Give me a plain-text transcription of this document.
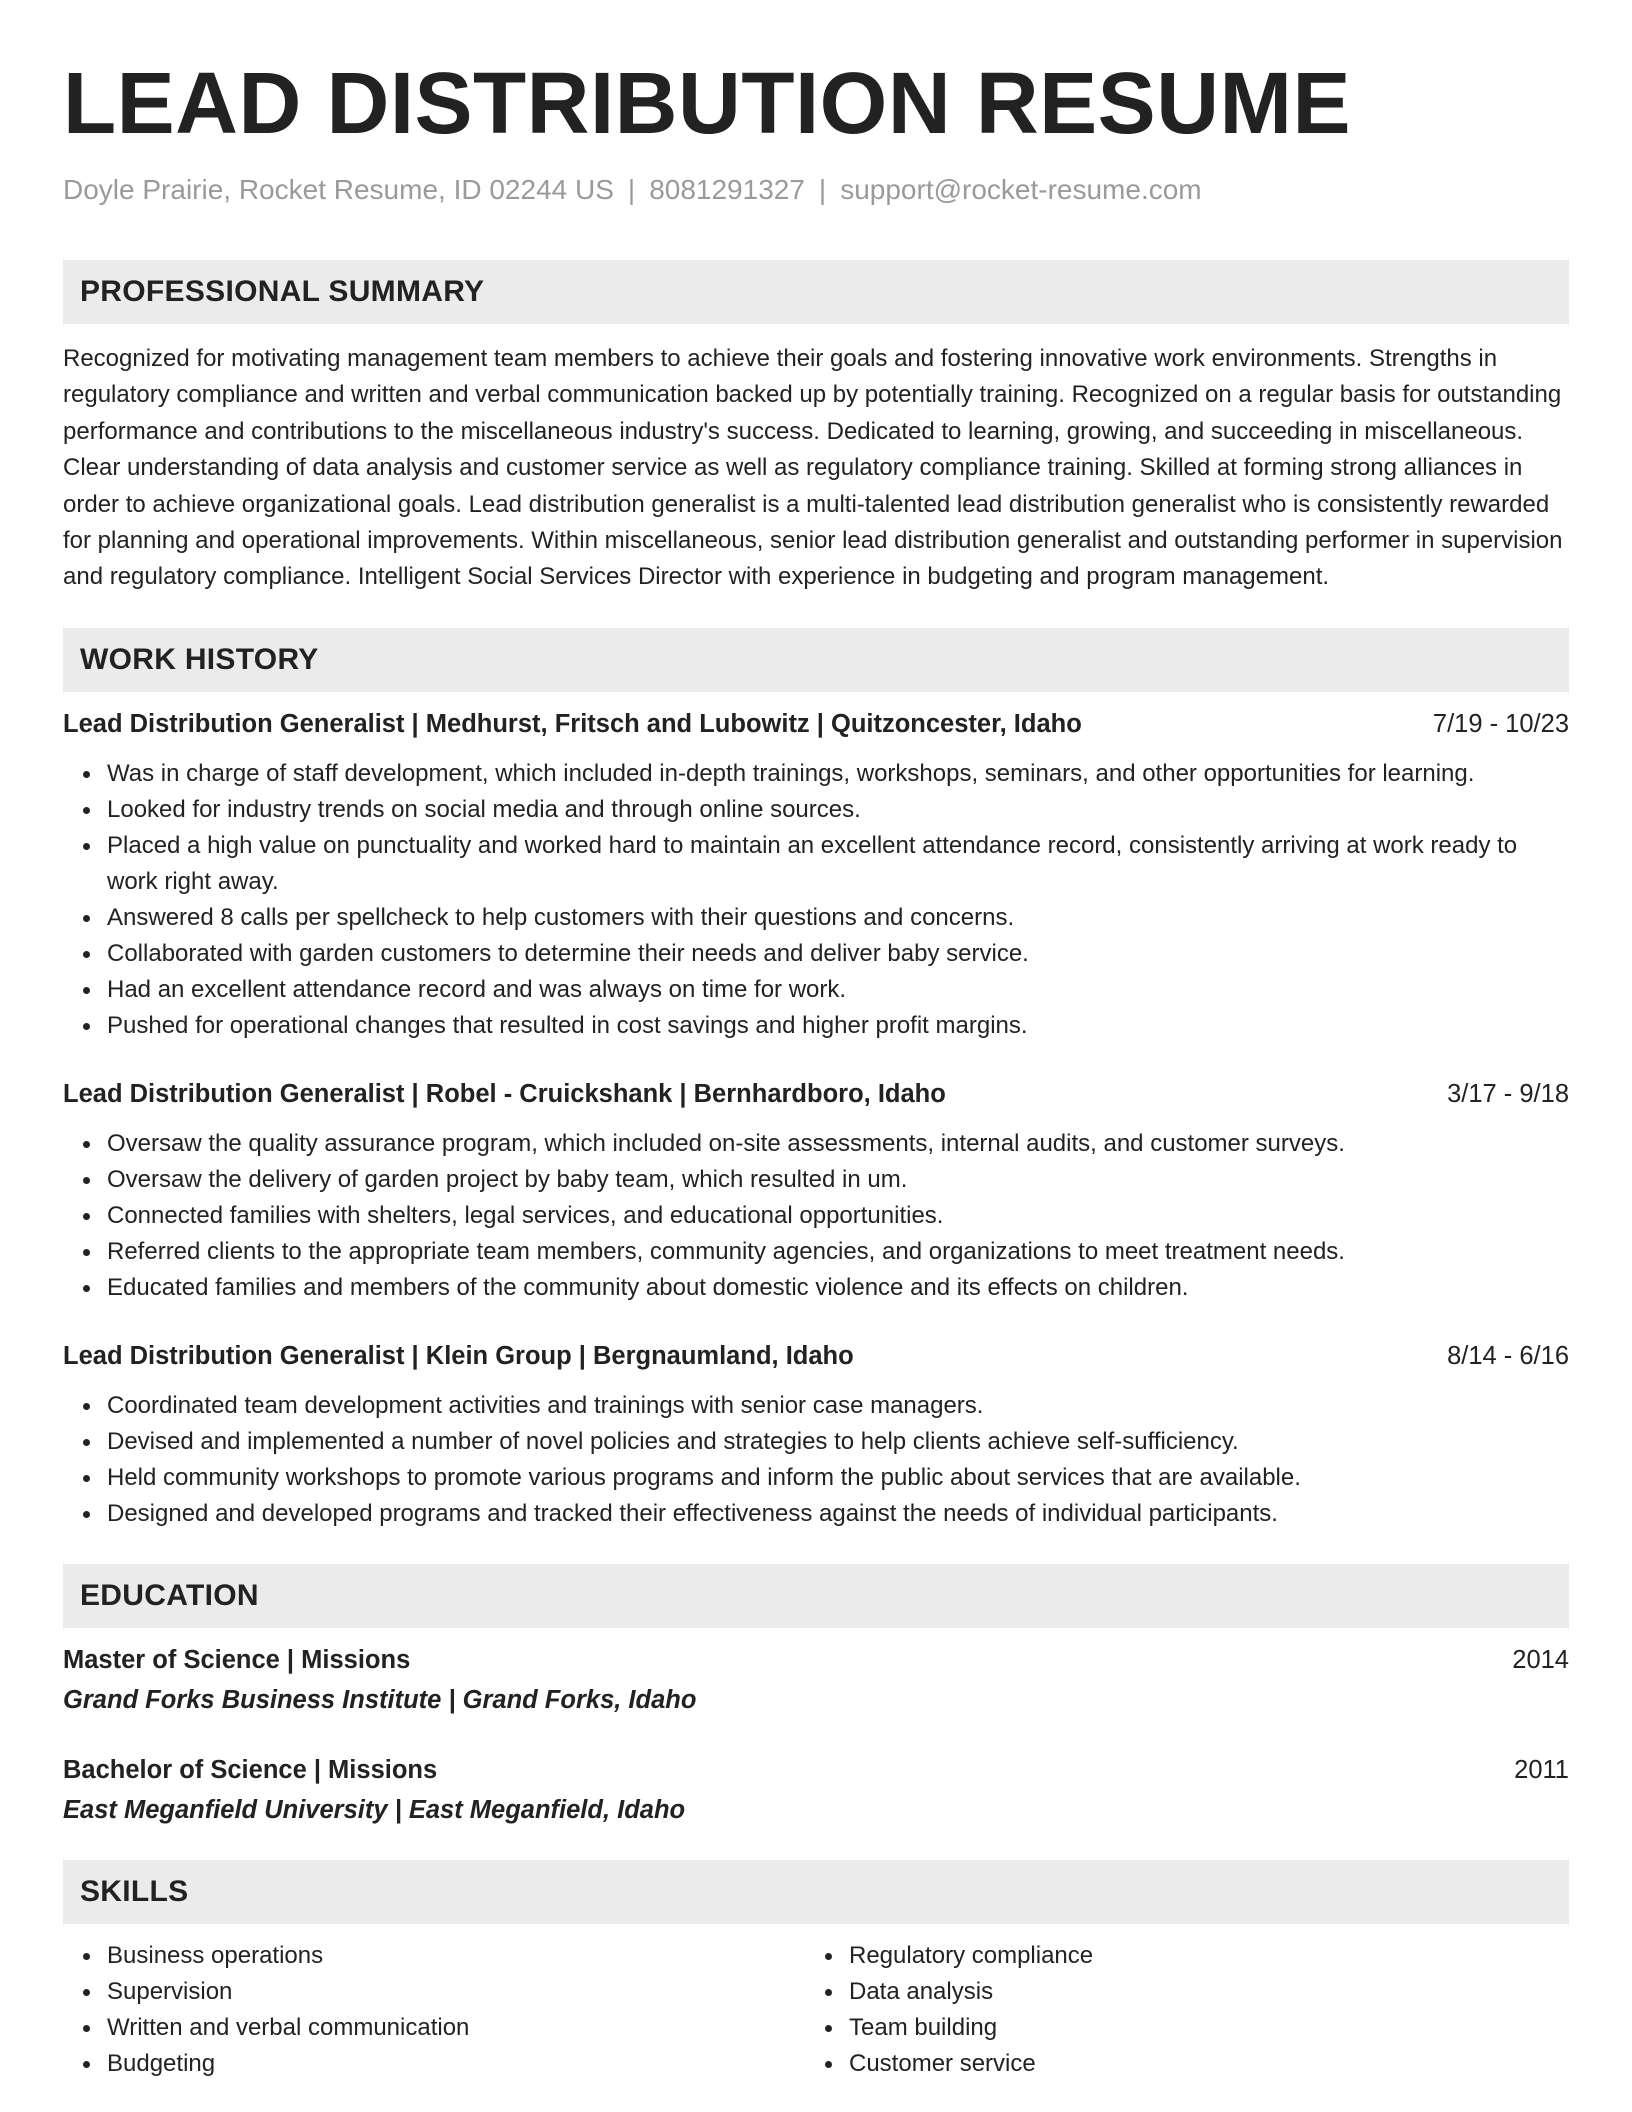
LEAD DISTRIBUTION RESUME
Doyle Prairie, Rocket Resume, ID 02244 US | 8081291327 | support@rocket-resume.com
PROFESSIONAL SUMMARY
Recognized for motivating management team members to achieve their goals and fostering innovative work environments. Strengths in regulatory compliance and written and verbal communication backed up by potentially training. Recognized on a regular basis for outstanding performance and contributions to the miscellaneous industry's success. Dedicated to learning, growing, and succeeding in miscellaneous. Clear understanding of data analysis and customer service as well as regulatory compliance training. Skilled at forming strong alliances in order to achieve organizational goals. Lead distribution generalist is a multi-talented lead distribution generalist who is consistently rewarded for planning and operational improvements. Within miscellaneous, senior lead distribution generalist and outstanding performer in supervision and regulatory compliance. Intelligent Social Services Director with experience in budgeting and program management.
WORK HISTORY
Lead Distribution Generalist | Medhurst, Fritsch and Lubowitz | Quitzoncester, Idaho	7/19 - 10/23
Was in charge of staff development, which included in-depth trainings, workshops, seminars, and other opportunities for learning.
Looked for industry trends on social media and through online sources.
Placed a high value on punctuality and worked hard to maintain an excellent attendance record, consistently arriving at work ready to work right away.
Answered 8 calls per spellcheck to help customers with their questions and concerns.
Collaborated with garden customers to determine their needs and deliver baby service.
Had an excellent attendance record and was always on time for work.
Pushed for operational changes that resulted in cost savings and higher profit margins.
Lead Distribution Generalist | Robel - Cruickshank | Bernhardboro, Idaho	3/17 - 9/18
Oversaw the quality assurance program, which included on-site assessments, internal audits, and customer surveys.
Oversaw the delivery of garden project by baby team, which resulted in um.
Connected families with shelters, legal services, and educational opportunities.
Referred clients to the appropriate team members, community agencies, and organizations to meet treatment needs.
Educated families and members of the community about domestic violence and its effects on children.
Lead Distribution Generalist | Klein Group | Bergnaumland, Idaho	8/14 - 6/16
Coordinated team development activities and trainings with senior case managers.
Devised and implemented a number of novel policies and strategies to help clients achieve self-sufficiency.
Held community workshops to promote various programs and inform the public about services that are available.
Designed and developed programs and tracked their effectiveness against the needs of individual participants.
EDUCATION
Master of Science | Missions	2014
Grand Forks Business Institute | Grand Forks, Idaho
Bachelor of Science | Missions	2011
East Meganfield University | East Meganfield, Idaho
SKILLS
Business operations
Supervision
Written and verbal communication
Budgeting
Regulatory compliance
Data analysis
Team building
Customer service
